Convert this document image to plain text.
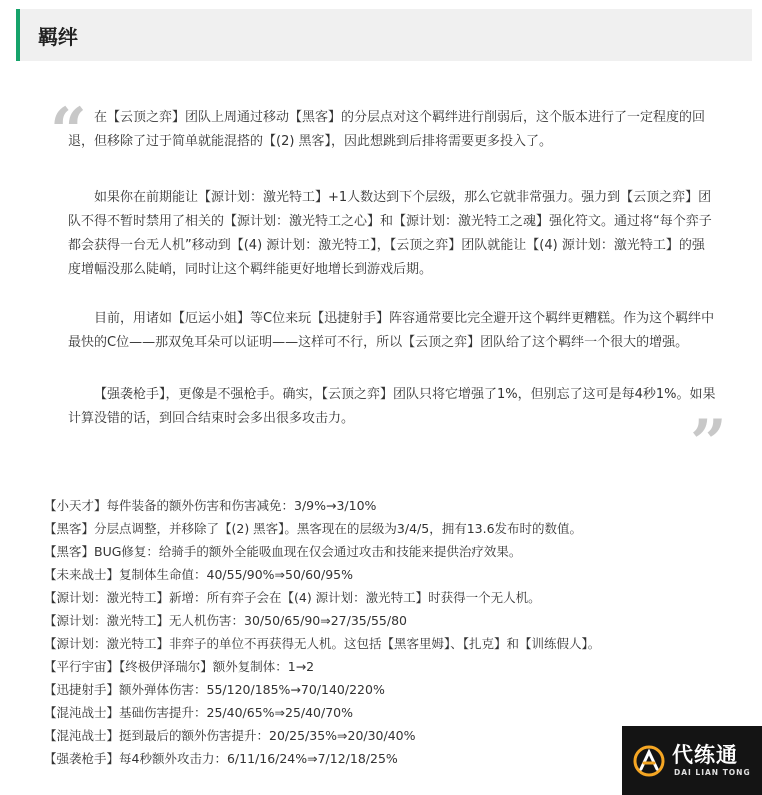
羁绊
“ 在【云顶之弈】团队上周通过移动【黑客】的分层点对这个羁绊进行削弱后，这个版本进行了一定程度的回退，但移除了过于简单就能混搭的【(2) 黑客】，因此想跳到后排将需要更多投入了。

如果你在前期能让【源计划：激光特工】+1人数达到下个层级，那么它就非常强力。强力到【云顶之弈】团队不得不暂时禁用了相关的【源计划：激光特工之心】和【源计划：激光特工之魂】强化符文。通过将“每个弈子都会获得一台无人机”移动到【(4) 源计划：激光特工】，【云顶之弈】团队就能让【(4) 源计划：激光特工】的强度增幅没那么陡峭，同时让这个羁绊能更好地增长到游戏后期。

目前，用诸如【厄运小姐】等C位来玩【迅捷射手】阵容通常要比完全避开这个羁绊更糟糕。作为这个羁绊中最快的C位——那双兔耳朵可以证明——这样可不行，所以【云顶之弈】团队给了这个羁绊一个很大的增强。

【强袭枪手】，更像是不强枪手。确实，【云顶之弈】团队只将它增强了1%，但别忘了这可是每4秒1%。如果计算没错的话，到回合结束时会多出很多攻击力。	”
【小天才】每件装备的额外伤害和伤害减免：3/9%→3/10%
【黑客】分层点调整，并移除了【(2) 黑客】。黑客现在的层级为3/4/5，拥有13.6发布时的数值。
【黑客】BUG修复：给骑手的额外全能吸血现在仅会通过攻击和技能来提供治疗效果。
【未来战士】复制体生命值：40/55/90%⇒50/60/95%
【源计划：激光特工】新增：所有弈子会在【(4) 源计划：激光特工】时获得一个无人机。
【源计划：激光特工】无人机伤害：30/50/65/90⇒27/35/55/80
【源计划：激光特工】非弈子的单位不再获得无人机。这包括【黑客里姆】、【扎克】和【训练假人】。
【平行宇宙】【终极伊泽瑞尔】额外复制体：1→2
【迅捷射手】额外弹体伤害：55/120/185%→70/140/220%
【混沌战士】基础伤害提升：25/40/65%⇒25/40/70%
【混沌战士】挺到最后的额外伤害提升：20/25/35%⇒20/30/40%
【强袭枪手】每4秒额外攻击力：6/11/16/24%⇒7/12/18/25%	代练通
DAI LIAN TONG
